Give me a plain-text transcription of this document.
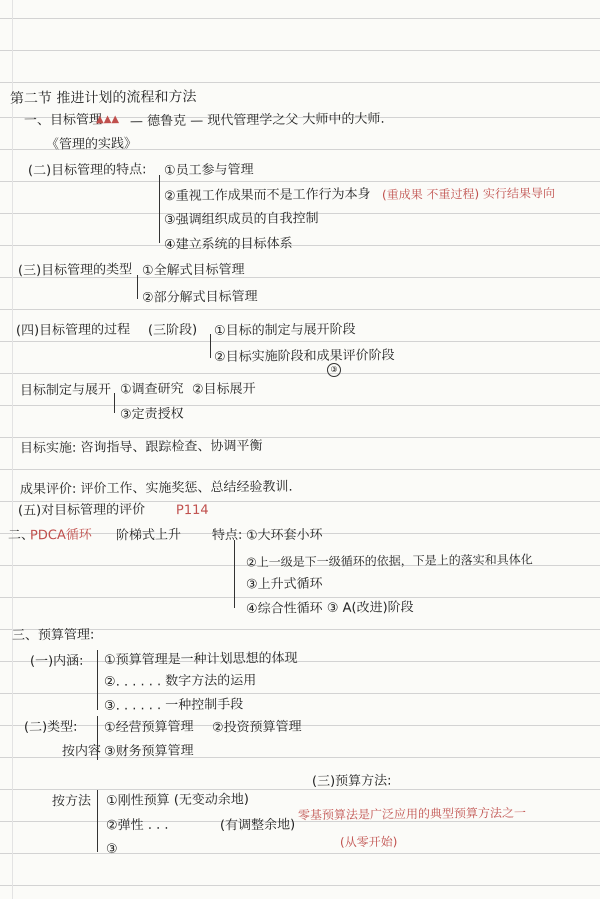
第二节 推进计划的流程和方法
一、目标管理
▲▲▲ — 德鲁克 — 现代管理学之父 大师中的大师.
《管理的实践》
(二)目标管理的特点: ①员工参与管理
②重视工作成果而不是工作行为本身 (重成果 不重过程) 实行结果导向
③强调组织成员的自我控制
④建立系统的目标体系
(三)目标管理的类型 ①全解式目标管理
②部分解式目标管理
(四)目标管理的过程 (三阶段) ①目标的制定与展开阶段
②目标实施阶段和成果评价阶段
③
目标制定与展开 ①调查研究 ②目标展开
③定责授权
目标实施: 咨询指导、跟踪检查、协调平衡
成果评价: 评价工作、实施奖惩、总结经验教训.
(五)对目标管理的评价 P114
二、
PDCA循环 阶梯式上升 特点: ①大环套小环
②上一级是下一级循环的依据，下是上的落实和具体化
③上升式循环
④综合性循环 ③ A(改进)阶段
三、预算管理:
(一)内涵: ①预算管理是一种计划思想的体现
②. . . . . . 数字方法的运用
③. . . . . . 一种控制手段
(二)类型:
按内容
①经营预算管理 ②投资预算管理
③财务预算管理
按方法 ①刚性预算 (无变动余地)
②弹性 . . .	(有调整余地)
③
(三)预算方法:
零基预算法是广泛应用的典型预算方法之一
(从零开始)
